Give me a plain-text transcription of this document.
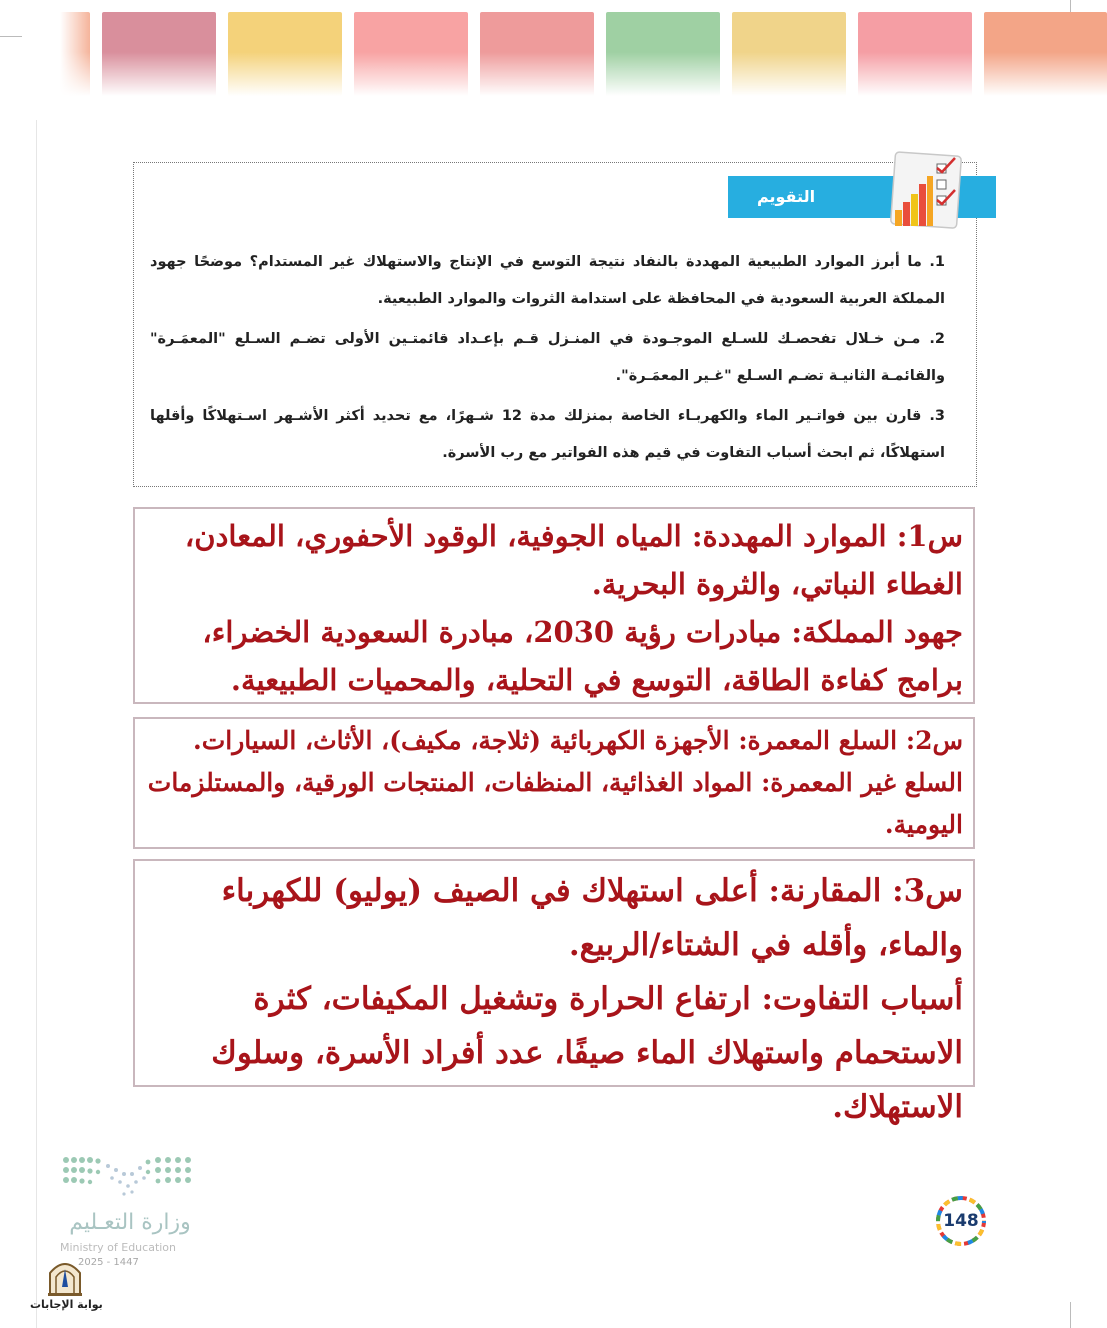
التقويم

1. ما أبرز الموارد الطبيعية المهددة بالنفاد نتيجة التوسع في الإنتاج والاستهلاك غير المستدام؟ موضحًا جهود المملكة العربية السعودية في المحافظة على استدامة الثروات والموارد الطبيعية.

2. مـن خـلال تفحصـك للسـلع الموجـودة في المنـزل قـم بإعـداد قائمتـين الأولى تضـم السـلع "المعمَـرة" والقائمـة الثانيـة تضـم السـلع "غـير المعمَـرة".

3. قارن بين فواتـير الماء والكهربـاء الخاصة بمنزلك مدة 12 شـهرًا، مع تحديد أكثر الأشـهر اسـتهلاكًا وأقلها استهلاكًا، ثم ابحث أسباب التفاوت في قيم هذه الفواتير مع رب الأسرة.

س1: الموارد المهددة: المياه الجوفية، الوقود الأحفوري، المعادن، الغطاء النباتي، والثروة البحرية.
جهود المملكة: مبادرات رؤية 2030، مبادرة السعودية الخضراء، برامج كفاءة الطاقة، التوسع في التحلية، والمحميات الطبيعية.

س2: السلع المعمرة: الأجهزة الكهربائية (ثلاجة، مكيف)، الأثاث، السيارات.
السلع غير المعمرة: المواد الغذائية، المنظفات، المنتجات الورقية، والمستلزمات اليومية.

س3: المقارنة: أعلى استهلاك في الصيف (يوليو) للكهرباء والماء، وأقله في الشتاء/الربيع.
أسباب التفاوت: ارتفاع الحرارة وتشغيل المكيفات، كثرة الاستحمام واستهلاك الماء صيفًا، عدد أفراد الأسرة، وسلوك الاستهلاك.

وزارة التعـليم
Ministry of Education
2025 - 1447
بوابة الإجابات
148
